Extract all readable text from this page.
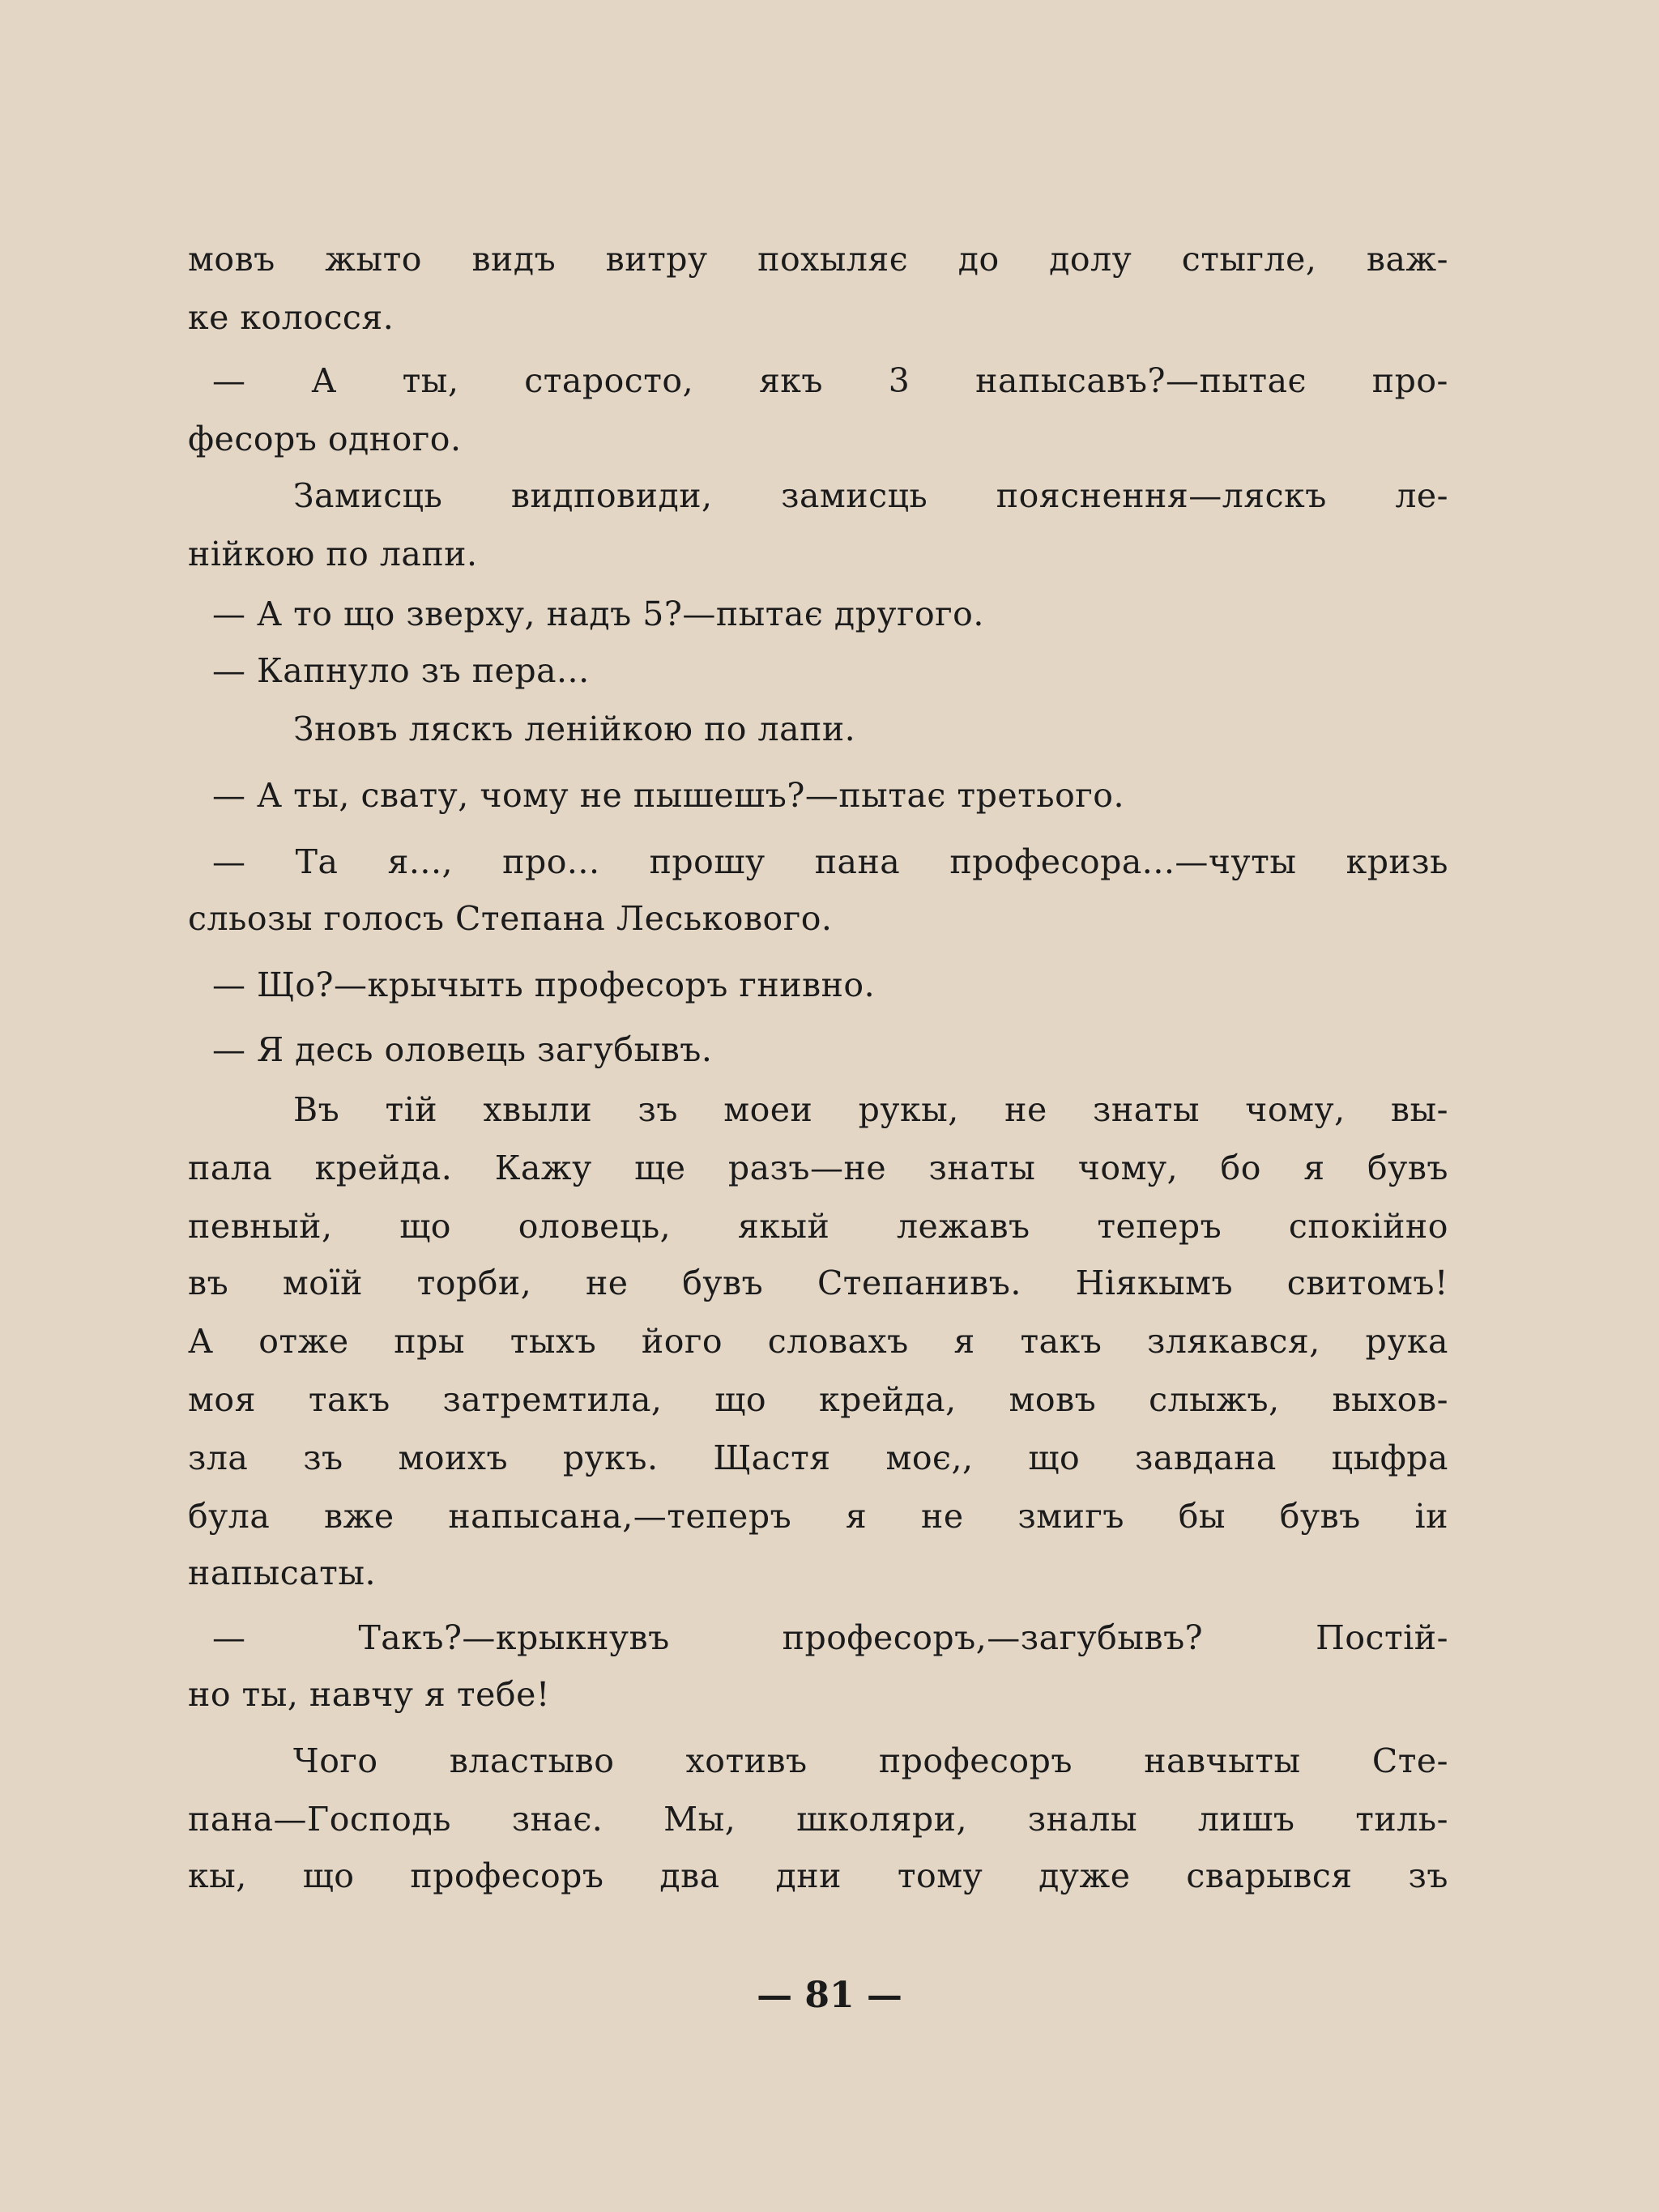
мовъ жыто видъ витру похыляє до долу стыгле, важ-
ке колосся.
— А ты, старосто, якъ 3 напысавъ?—пытає про-
фесоръ одного.
Замисць видповиди, замисць пояснення—ляскъ ле-
нійкою по лапи.
— А то що зверху, надъ 5?—пытає другого.
— Капнуло зъ пера...
Зновъ ляскъ ленійкою по лапи.
— А ты, свату, чому не пышешъ?—пытає третього.
— Та я..., про... прошу пана професора...—чуты кризь
сльозы голосъ Степана Леськового.
— Що?—крычыть професоръ гнивно.
— Я десь оловець загубывъ.
Въ тій хвыли зъ моеи рукы, не знаты чому, вы-
пала крейда. Кажу ще разъ—не знаты чому, бо я бувъ
певный, що оловець, якый лежавъ теперъ спокійно
въ моїй торби, не бувъ Степанивъ. Ніякымъ свитомъ!
А отже пры тыхъ його словахъ я такъ злякався, рука
моя такъ затремтила, що крейда, мовъ слыжъ, выхов-
зла зъ моихъ рукъ. Щастя моє,, що завдана цыфра
була вже напысана,—теперъ я не змигъ бы бувъ іи
напысаты.
—	Такъ?—крыкнувъ	професоръ,—загубывъ?	Постій-
но ты, навчу я тебе!
Чого властыво хотивъ професоръ навчыты Сте-
пана—Господь знає. Мы, школяри, зналы лишъ тиль-
кы, що професоръ два дни тому дуже сварывся зъ
— 81 —
